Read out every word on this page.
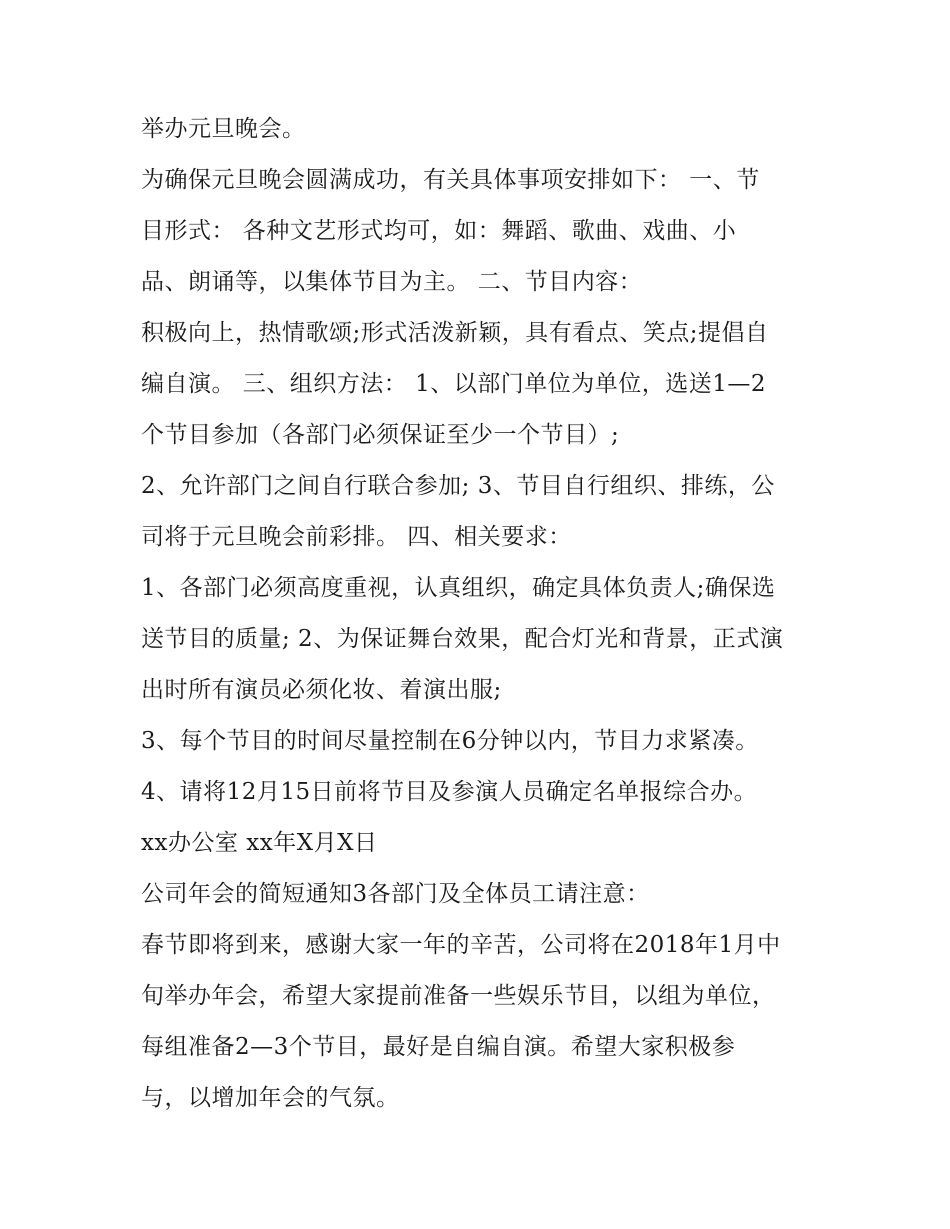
举办元旦晚会。
为确保元旦晚会圆满成功，有关具体事项安排如下： 一、节
目形式： 各种文艺形式均可，如：舞蹈、歌曲、戏曲、小
品、朗诵等，以集体节目为主。 二、节目内容：
积极向上，热情歌颂;形式活泼新颖，具有看点、笑点;提倡自
编自演。 三、组织方法： 1、以部门单位为单位，选送1—2
个节目参加（各部门必须保证至少一个节目）;
2、允许部门之间自行联合参加; 3、节目自行组织、排练，公
司将于元旦晚会前彩排。 四、相关要求：
1、各部门必须高度重视，认真组织，确定具体负责人;确保选
送节目的质量; 2、为保证舞台效果，配合灯光和背景，正式演
出时所有演员必须化妆、着演出服;
3、每个节目的时间尽量控制在6分钟以内，节目力求紧凑。
4、请将12月15日前将节目及参演人员确定名单报综合办。
xx办公室 xx年X月X日
公司年会的简短通知3各部门及全体员工请注意：
春节即将到来，感谢大家一年的辛苦，公司将在2018年1月中
旬举办年会，希望大家提前准备一些娱乐节目，以组为单位，
每组准备2—3个节目，最好是自编自演。希望大家积极参
与，以增加年会的气氛。
